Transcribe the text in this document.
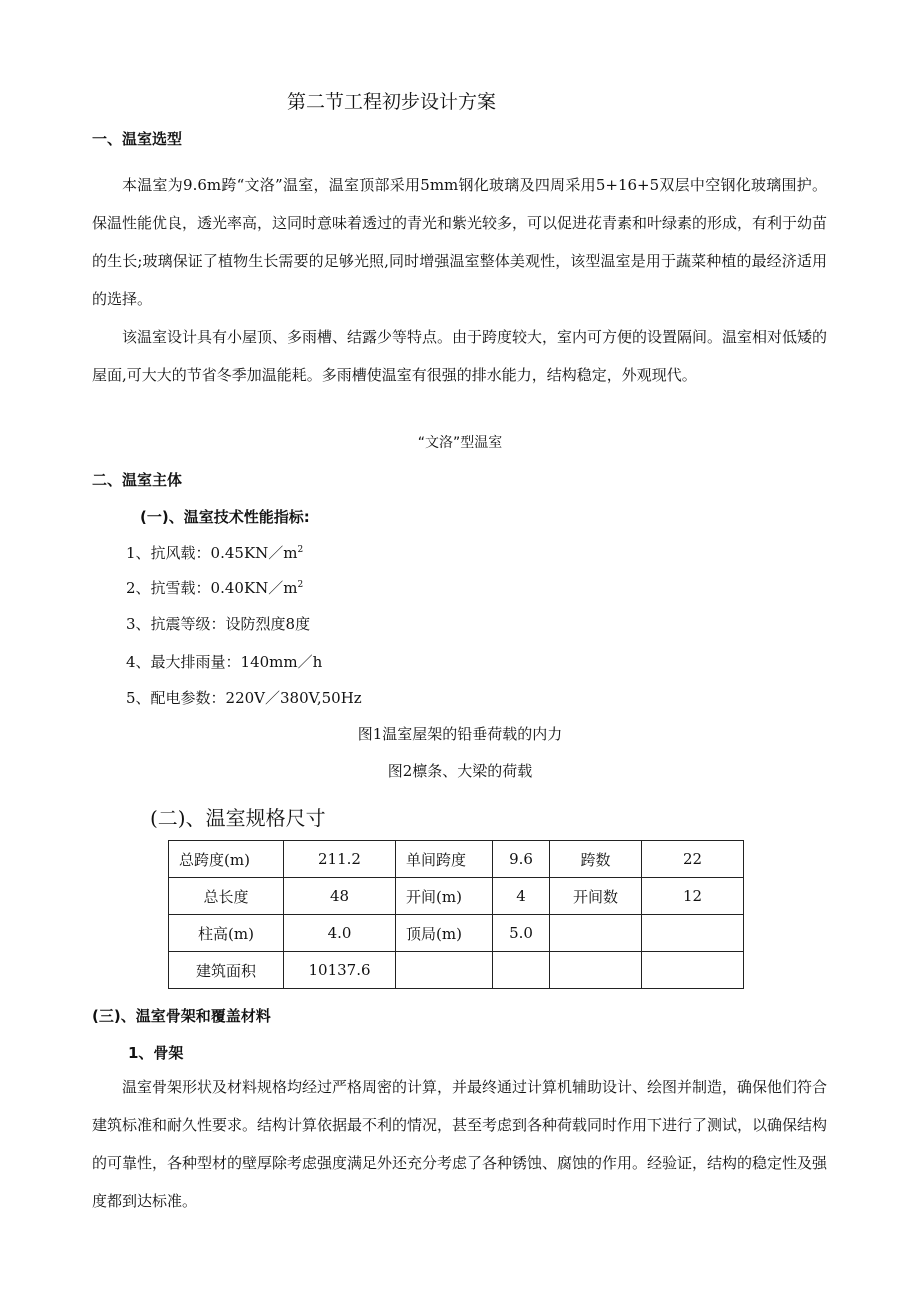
第二节工程初步设计方案
一、温室选型
本温室为9.6m跨“文洛”温室，温室顶部采用5mm钢化玻璃及四周采用5+16+5双层中空钢化玻璃围护。保温性能优良，透光率高，这同时意味着透过的青光和紫光较多，可以促进花青素和叶绿素的形成，有利于幼苗的生长;玻璃保证了植物生长需要的足够光照,同时增强温室整体美观性，该型温室是用于蔬菜种植的最经济适用的选择。
该温室设计具有小屋顶、多雨槽、结露少等特点。由于跨度较大，室内可方便的设置隔间。温室相对低矮的屋面,可大大的节省冬季加温能耗。多雨槽使温室有很强的排水能力，结构稳定，外观现代。
“文洛”型温室
二、温室主体
(一)、温室技术性能指标:
1、抗风载：$0.45KN/m^2$
2、抗雪载：$0.40KN/m^2$
3、抗震等级：设防烈度8度
4、最大排雨量：140mm／h
5、配电参数：220V／380V,50Hz
图1温室屋架的铅垂荷载的内力
图2檩条、大梁的荷载
(二)、温室规格尺寸
总跨度(m)	211.2	单间跨度	9.6	跨数	22
总长度	48	开间(m)	4	开间数	12
柱高(m)	4.0	顶局(m)	5.0		
建筑面积	10137.6				
(三)、温室骨架和覆盖材料
1、骨架
温室骨架形状及材料规格均经过严格周密的计算，并最终通过计算机辅助设计、绘图并制造，确保他们符合建筑标准和耐久性要求。结构计算依据最不利的情况，甚至考虑到各种荷载同时作用下进行了测试，以确保结构的可靠性，各种型材的壁厚除考虑强度满足外还充分考虑了各种锈蚀、腐蚀的作用。经验证，结构的稳定性及强度都到达标准。
